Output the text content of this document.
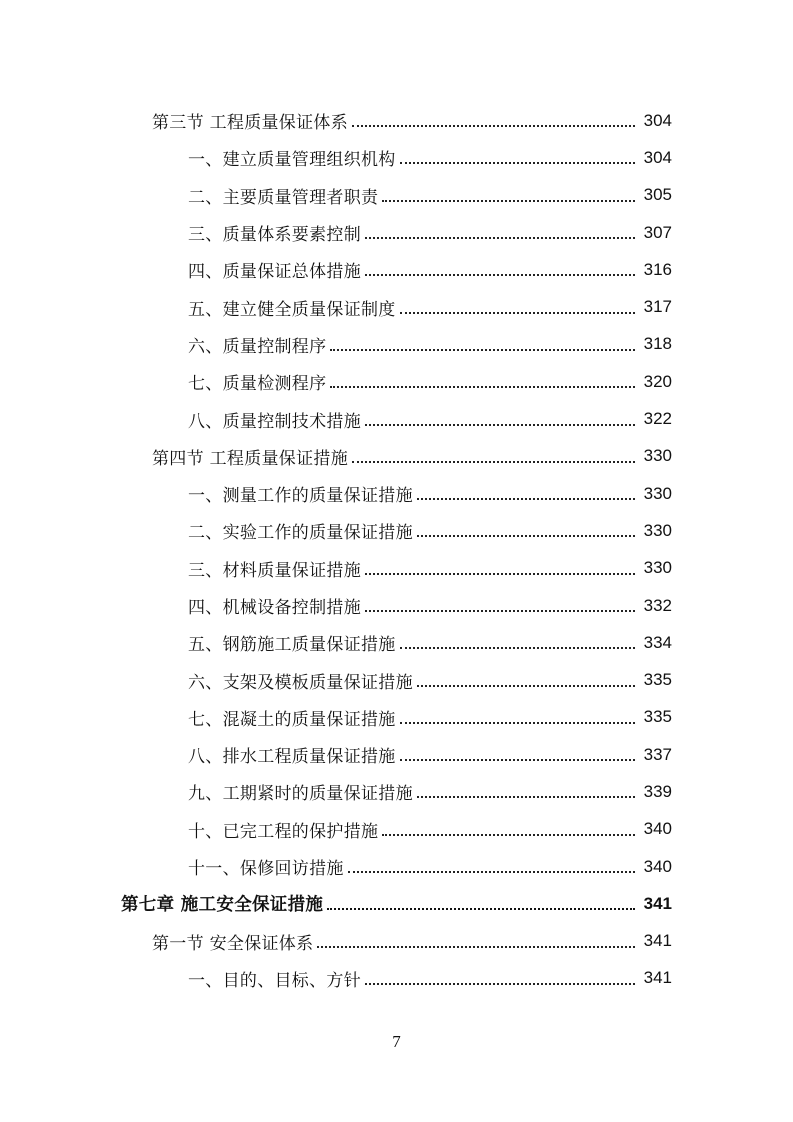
第三节 工程质量保证体系	304
一、建立质量管理组织机构	304
二、主要质量管理者职责	305
三、质量体系要素控制	307
四、质量保证总体措施	316
五、建立健全质量保证制度	317
六、质量控制程序	318
七、质量检测程序	320
八、质量控制技术措施	322
第四节 工程质量保证措施	330
一、测量工作的质量保证措施	330
二、实验工作的质量保证措施	330
三、材料质量保证措施	330
四、机械设备控制措施	332
五、钢筋施工质量保证措施	334
六、支架及模板质量保证措施	335
七、混凝土的质量保证措施	335
八、排水工程质量保证措施	337
九、工期紧时的质量保证措施	339
十、已完工程的保护措施	340
十一、保修回访措施	340
第七章 施工安全保证措施	341
第一节 安全保证体系	341
一、目的、目标、方针	341
7
